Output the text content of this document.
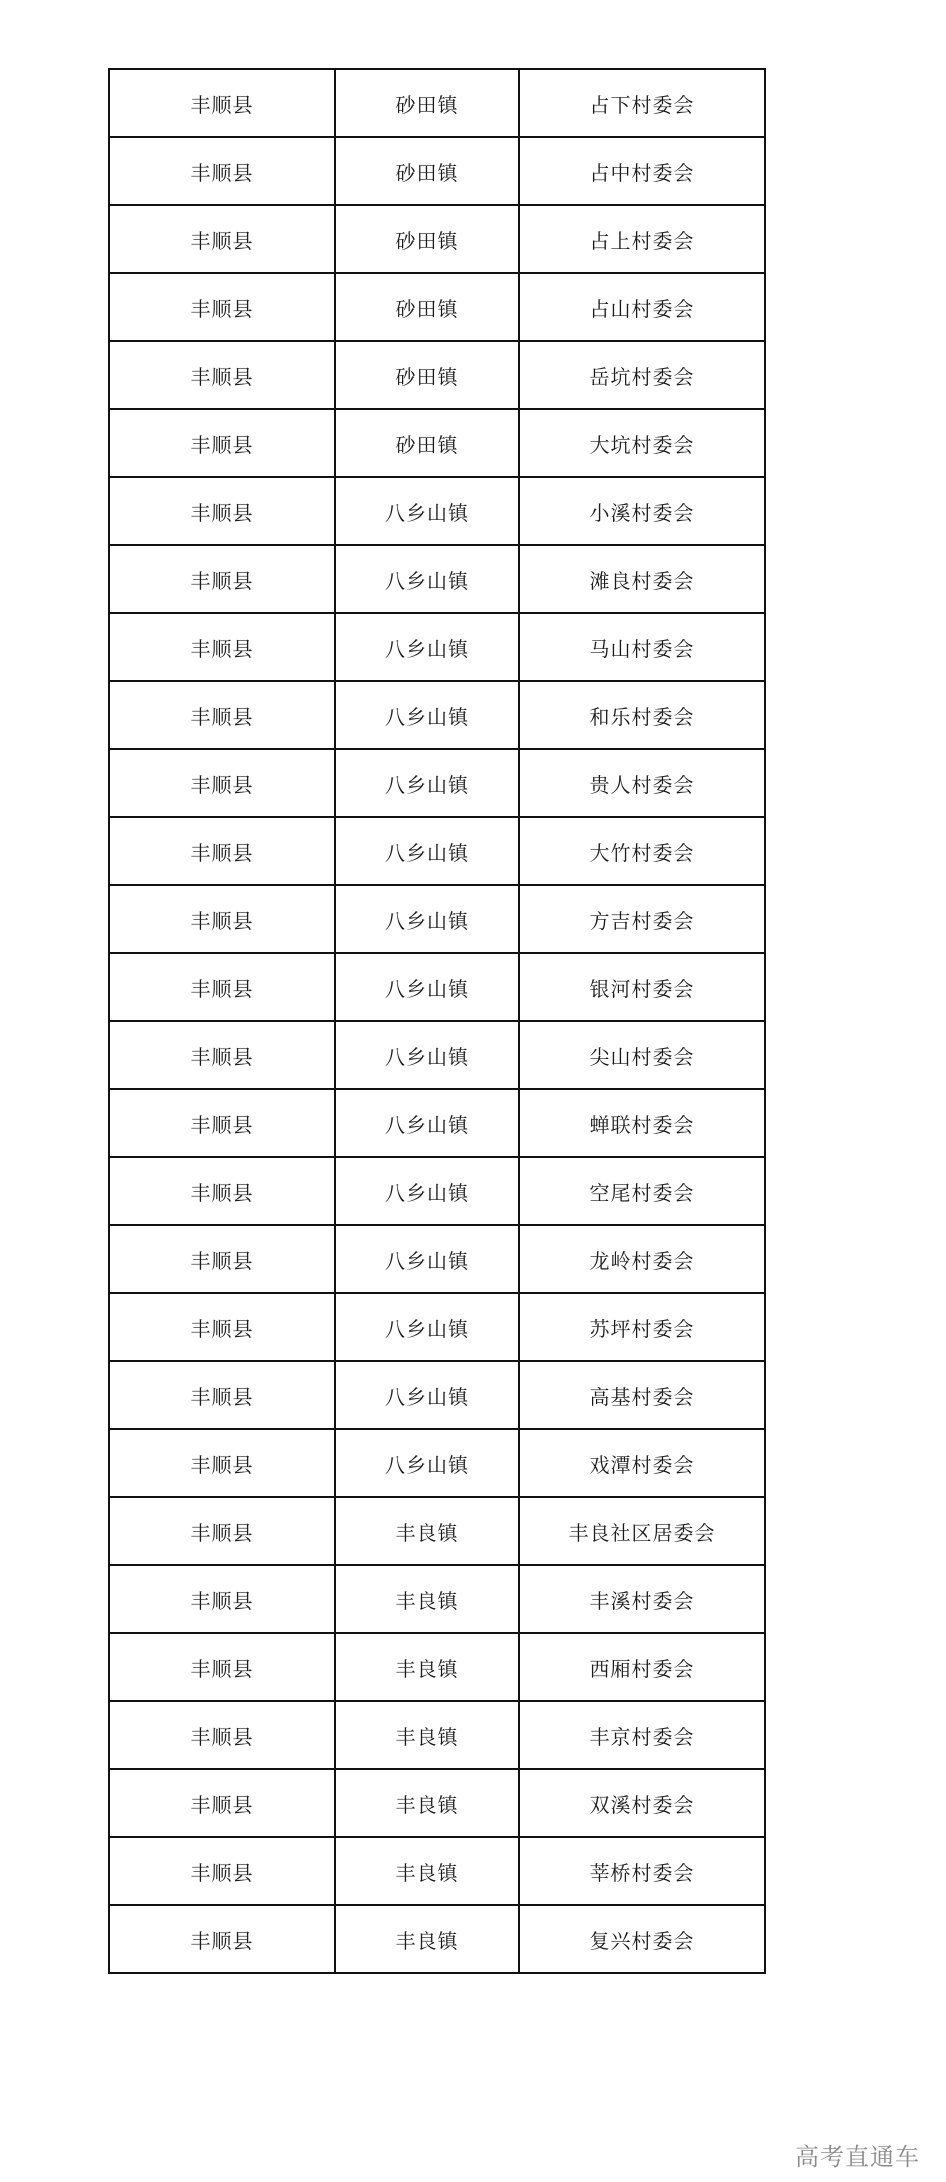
丰顺县	砂田镇	占下村委会
丰顺县	砂田镇	占中村委会
丰顺县	砂田镇	占上村委会
丰顺县	砂田镇	占山村委会
丰顺县	砂田镇	岳坑村委会
丰顺县	砂田镇	大坑村委会
丰顺县	八乡山镇	小溪村委会
丰顺县	八乡山镇	滩良村委会
丰顺县	八乡山镇	马山村委会
丰顺县	八乡山镇	和乐村委会
丰顺县	八乡山镇	贵人村委会
丰顺县	八乡山镇	大竹村委会
丰顺县	八乡山镇	方吉村委会
丰顺县	八乡山镇	银河村委会
丰顺县	八乡山镇	尖山村委会
丰顺县	八乡山镇	蝉联村委会
丰顺县	八乡山镇	空尾村委会
丰顺县	八乡山镇	龙岭村委会
丰顺县	八乡山镇	苏坪村委会
丰顺县	八乡山镇	高基村委会
丰顺县	八乡山镇	戏潭村委会
丰顺县	丰良镇	丰良社区居委会
丰顺县	丰良镇	丰溪村委会
丰顺县	丰良镇	西厢村委会
丰顺县	丰良镇	丰京村委会
丰顺县	丰良镇	双溪村委会
丰顺县	丰良镇	莘桥村委会
丰顺县	丰良镇	复兴村委会
高考直通车
